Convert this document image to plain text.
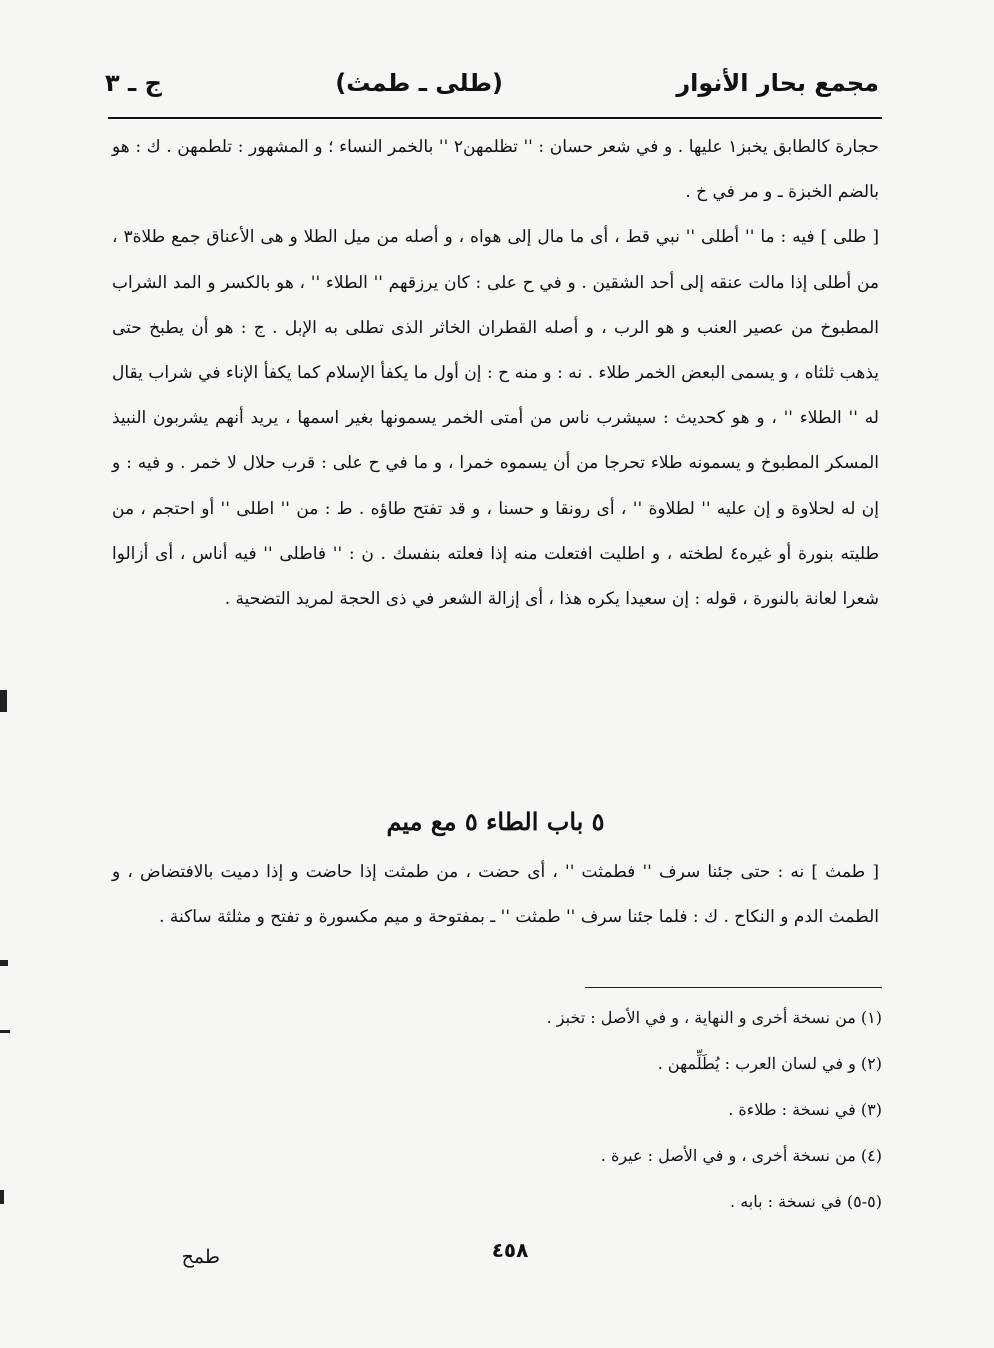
مجمع بحار الأنوار
(طلى ـ طمث)
ج ـ ٣

حجارة كالطابق يخبز١ عليها . و في شعر حسان : '' تظلمهن٢ '' بالخمر النساء ؛ و المشهور : تلطمهن . ك : هو بالضم الخبزة ـ و مر في خ .

[ طلى ] فيه : ما '' أطلى '' نبي قط ، أى ما مال إلى هواه ، و أصله من ميل الطلا و هى الأعناق جمع طلاة٣ ، من أطلى إذا مالت عنقه إلى أحد الشقين . و في ح على : كان يرزقهم '' الطلاء '' ، هو بالكسر و المد الشراب المطبوخ من عصير العنب و هو الرب ، و أصله القطران الخاثر الذى تطلى به الإبل . ج : هو أن يطبخ حتى يذهب ثلثاه ، و يسمى البعض الخمر طلاء . نه : و منه ح : إن أول ما يكفأ الإسلام كما يكفأ الإناء في شراب يقال له '' الطلاء '' ، و هو كحديث : سيشرب ناس من أمتى الخمر يسمونها بغير اسمها ، يريد أنهم يشربون النبيذ المسكر المطبوخ و يسمونه طلاء تحرجا من أن يسموه خمرا ، و ما في ح على : قرب حلال لا خمر . و فيه : و إن له لحلاوة و إن عليه '' لطلاوة '' ، أى رونقا و حسنا ، و قد تفتح طاؤه . ط : من '' اطلى '' أو احتجم ، من طليته بنورة أو غيره٤ لطخته ، و اطليت افتعلت منه إذا فعلته بنفسك . ن : '' فاطلى '' فيه أناس ، أى أزالوا شعرا لعانة بالنورة ، قوله : إن سعيدا يكره هذا ، أى إزالة الشعر في ذى الحجة لمريد التضحية .

٥ باب الطاء ٥ مع ميم

[ طمث ] نه : حتى جئنا سرف '' فطمثت '' ، أى حضت ، من طمثت إذا حاضت و إذا دميت بالافتضاض ، و الطمث الدم و النكاح . ك : فلما جئنا سرف '' طمثت '' ـ بمفتوحة و ميم مكسورة و تفتح و مثلثة ساكنة .

(١) من نسخة أخرى و النهاية ، و في الأصل : تخبز .
(٢) و في لسان العرب : يُطَلِّمهن .
(٣) في نسخة : طلاءة .
(٤) من نسخة أخرى ، و في الأصل : عيرة .
(٥-٥) في نسخة : بابه .
٤٥٨
طمح
